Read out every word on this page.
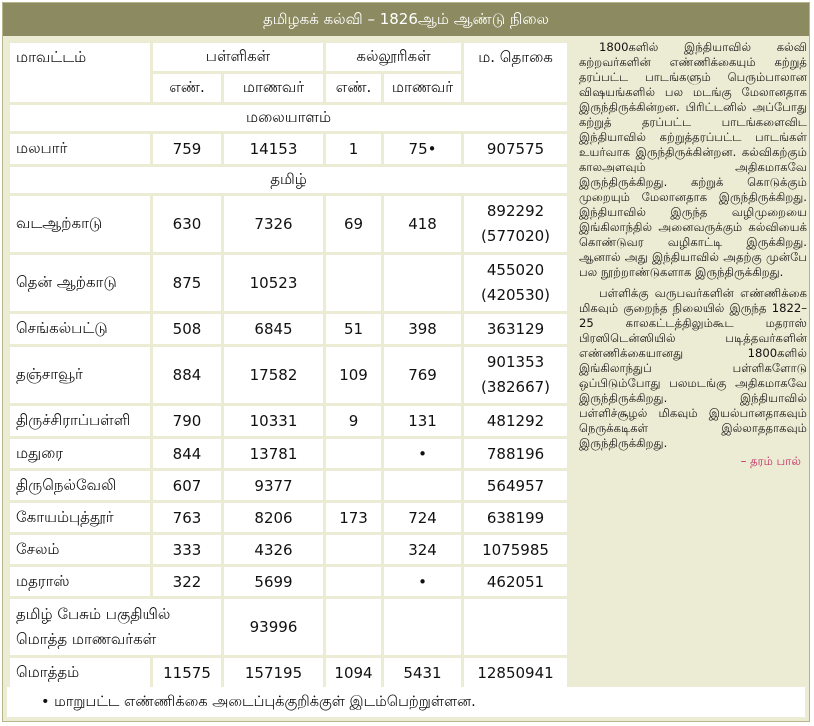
தமிழகக் கல்வி – 1826ஆம் ஆண்டு நிலை
மாவட்டம்	பள்ளிகள்		கல்லூரிகள்		ம. தொகை
	எண்.	மாணவர்	எண்.	மாணவர்	
மலையாளம்					
மலபார்	759	14153	1	75•	907575
தமிழ்					
வடஆற்காடு	630	7326	69	418	892292
(577020)

தென் ஆற்காடு	875	10523			455020
(420530)

செங்கல்பட்டு	508	6845	51	398	363129
தஞ்சாவூர்	884	17582	109	769	901353
(382667)

திருச்சிராப்பள்ளி	790	10331	9	131	481292
மதுரை	844	13781		•	788196
திருநெல்வேலி	607	9377			564957
கோயம்புத்தூர்	763	8206	173	724	638199
சேலம்	333	4326		324	1075985
மதராஸ்	322	5699		•	462051

தமிழ் பேசும் பகுதியில்
மொத்த மாணவர்கள்		93996			
மொத்தம்	11575	157195	1094	5431	12850941

1800களில் இந்தியாவில் கல்வி கற்றவர்களின் எண்ணிக்கையும் கற்றுத் தரப்பட்ட பாடங்களும் பெரும்பாலான விஷயங்களில் பல மடங்கு மேலானதாக இருந்திருக்கின்றன. பிரிட்டனில் அப்போது கற்றுத் தரப்பட்ட பாடங்களைவிட இந்தியாவில் கற்றுத்தரப்பட்ட பாடங்கள் உயர்வாக இருந்திருக்கின்றன. கல்விகற்கும் காலஅளவும் அதிகமாகவே இருந்திருக்கிறது. கற்றுக் கொடுக்கும் முறையும் மேலானதாக இருந்திருக்கிறது. இந்தியாவில் இருந்த வழிமுறையை இங்கிலாந்தில் அனைவருக்கும் கல்வியைக் கொண்டுவர வழிகாட்டி இருக்கிறது. ஆனால் அது இந்தியாவில் அதற்கு முன்பே பல நூற்றாண்டுகளாக இருந்திருக்கிறது.

பள்ளிக்கு வருபவர்களின் எண்ணிக்கை மிகவும் குறைந்த நிலையில் இருந்த 1822–25 காலகட்டத்திலும்கூட மதராஸ் பிரஸிடென்ஸியில் படித்தவர்களின் எண்ணிக்கையானது 1800களில் இங்கிலாந்துப் பள்ளிகளோடு ஒப்பிடும்போது பலமடங்கு அதிகமாகவே இருந்திருக்கிறது. இந்தியாவில் பள்ளிச்சூழல் மிகவும் இயல்பானதாகவும் நெருக்கடிகள் இல்லாததாகவும் இருந்திருக்கிறது.

– தரம் பால்
• மாறுபட்ட எண்ணிக்கை அடைப்புக்குறிக்குள் இடம்பெற்றுள்ளன.
